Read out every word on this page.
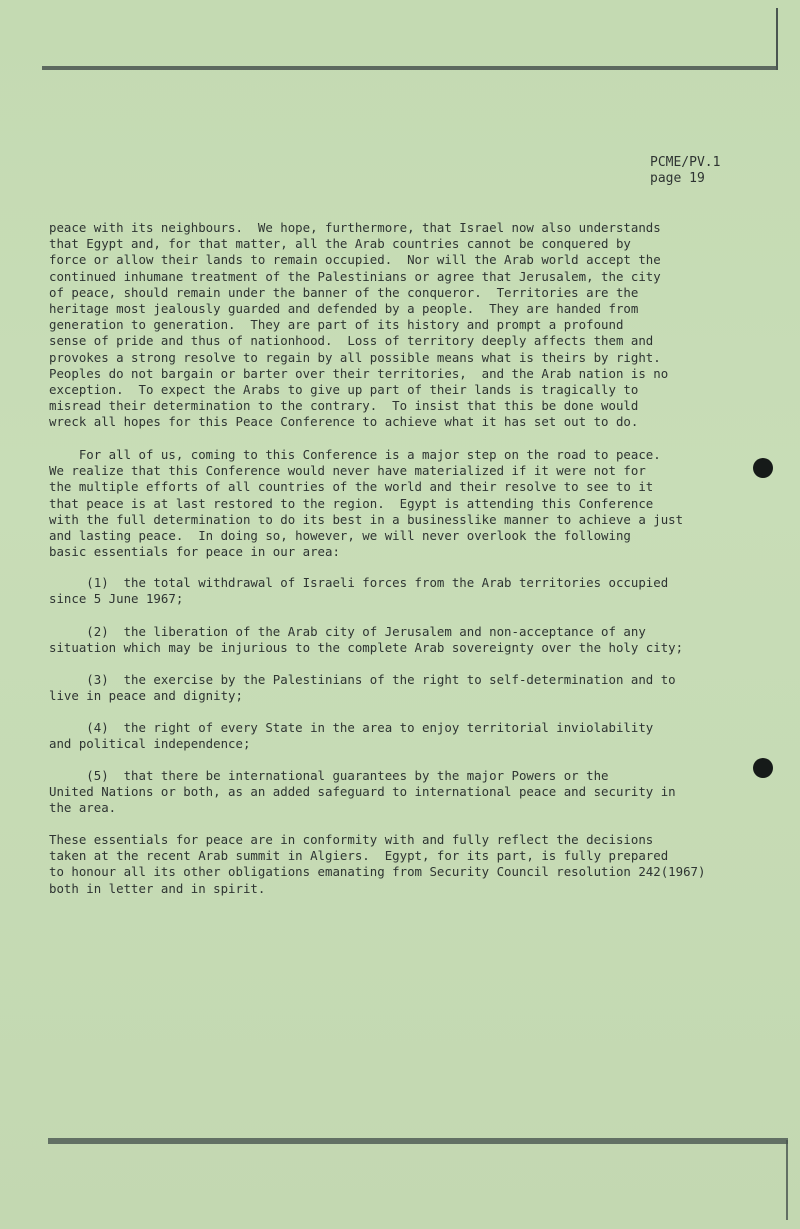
PCME/PV.1
page 19
peace with its neighbours.  We hope, furthermore, that Israel now also understands
that Egypt and, for that matter, all the Arab countries cannot be conquered by
force or allow their lands to remain occupied.  Nor will the Arab world accept the
continued inhumane treatment of the Palestinians or agree that Jerusalem, the city
of peace, should remain under the banner of the conqueror.  Territories are the
heritage most jealously guarded and defended by a people.  They are handed from
generation to generation.  They are part of its history and prompt a profound
sense of pride and thus of nationhood.  Loss of territory deeply affects them and
provokes a strong resolve to regain by all possible means what is theirs by right.
Peoples do not bargain or barter over their territories,  and the Arab nation is no
exception.  To expect the Arabs to give up part of their lands is tragically to
misread their determination to the contrary.  To insist that this be done would
wreck all hopes for this Peace Conference to achieve what it has set out to do.
For all of us, coming to this Conference is a major step on the road to peace.
We realize that this Conference would never have materialized if it were not for
the multiple efforts of all countries of the world and their resolve to see to it
that peace is at last restored to the region.  Egypt is attending this Conference
with the full determination to do its best in a businesslike manner to achieve a just
and lasting peace.  In doing so, however, we will never overlook the following
basic essentials for peace in our area:
(1)  the total withdrawal of Israeli forces from the Arab territories occupied
since 5 June 1967;
(2)  the liberation of the Arab city of Jerusalem and non-acceptance of any
situation which may be injurious to the complete Arab sovereignty over the holy city;
(3)  the exercise by the Palestinians of the right to self-determination and to
live in peace and dignity;
(4)  the right of every State in the area to enjoy territorial inviolability
and political independence;
(5)  that there be international guarantees by the major Powers or the
United Nations or both, as an added safeguard to international peace and security in
the area.
These essentials for peace are in conformity with and fully reflect the decisions
taken at the recent Arab summit in Algiers.  Egypt, for its part, is fully prepared
to honour all its other obligations emanating from Security Council resolution 242(1967)
both in letter and in spirit.
